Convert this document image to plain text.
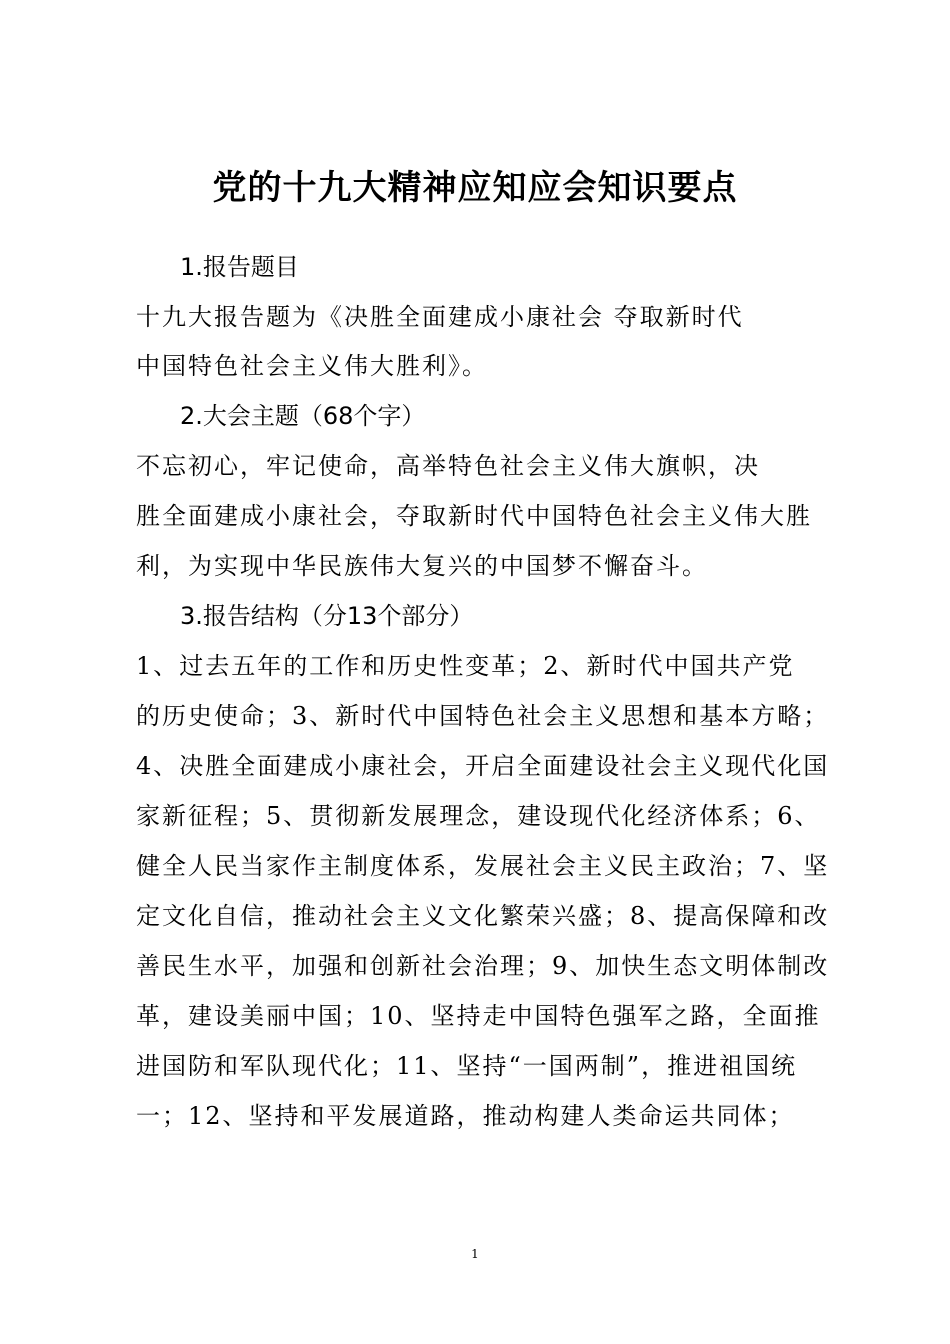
党的十九大精神应知应会知识要点
1.报告题目
十九大报告题为《决胜全面建成小康社会 夺取新时代
中国特色社会主义伟大胜利》。
2.大会主题（68个字）
不忘初心，牢记使命，高举特色社会主义伟大旗帜，决
胜全面建成小康社会，夺取新时代中国特色社会主义伟大胜
利，为实现中华民族伟大复兴的中国梦不懈奋斗。
3.报告结构（分13个部分）
1、过去五年的工作和历史性变革；2、新时代中国共产党
的历史使命；3、新时代中国特色社会主义思想和基本方略；
4、决胜全面建成小康社会，开启全面建设社会主义现代化国
家新征程；5、贯彻新发展理念，建设现代化经济体系；6、
健全人民当家作主制度体系，发展社会主义民主政治；7、坚
定文化自信，推动社会主义文化繁荣兴盛；8、提高保障和改
善民生水平，加强和创新社会治理；9、加快生态文明体制改
革，建设美丽中国；10、坚持走中国特色强军之路，全面推
进国防和军队现代化；11、坚持“一国两制”，推进祖国统
一；12、坚持和平发展道路，推动构建人类命运共同体；
1
